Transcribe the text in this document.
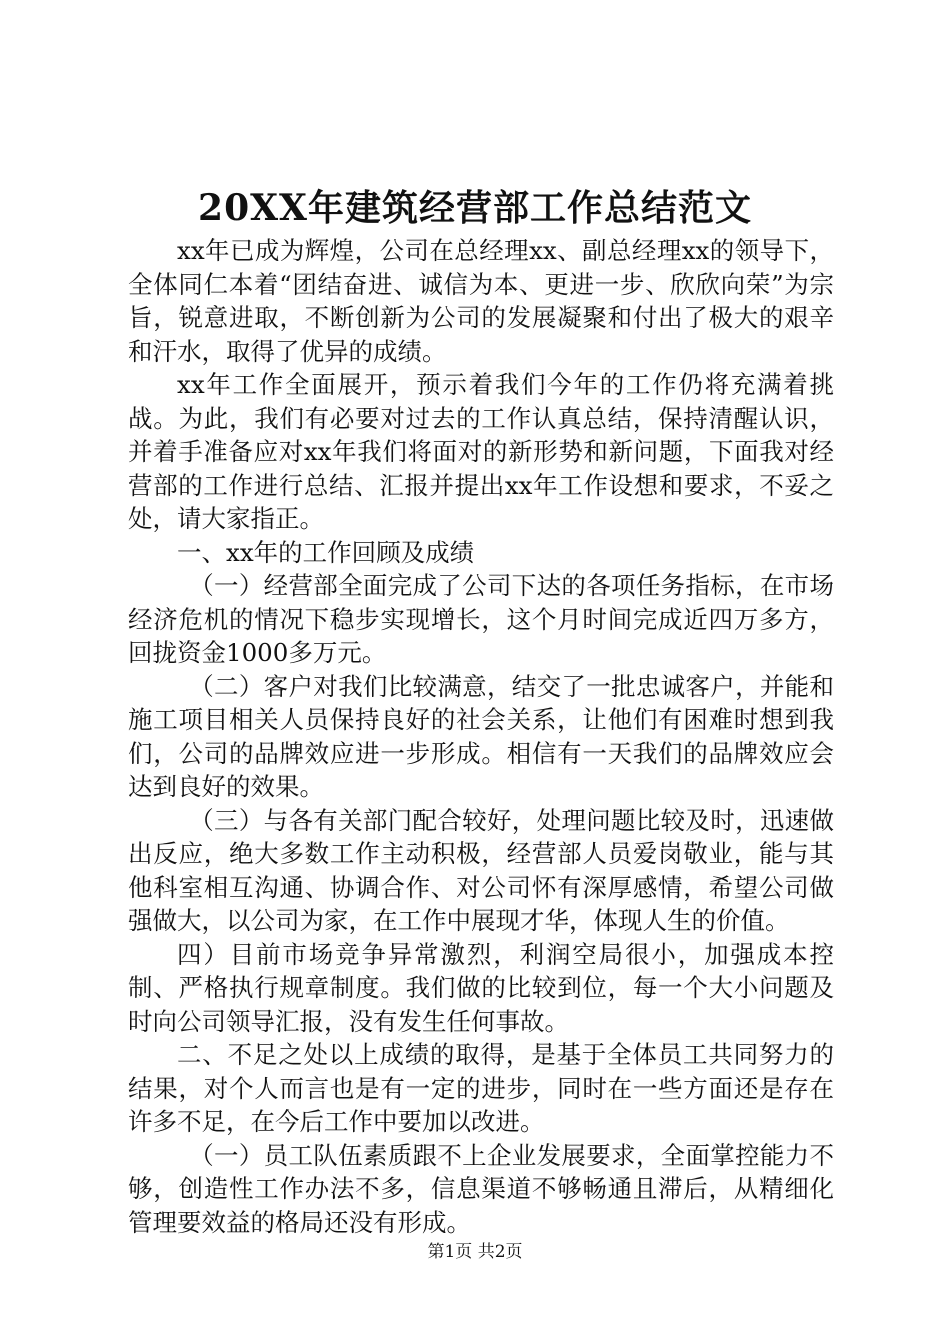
20XX年建筑经营部工作总结范文

xx年已成为辉煌，公司在总经理xx、副总经理xx的领导下，全体同仁本着“团结奋进、诚信为本、更进一步、欣欣向荣”为宗旨，锐意进取，不断创新为公司的发展凝聚和付出了极大的艰辛和汗水，取得了优异的成绩。

xx年工作全面展开，预示着我们今年的工作仍将充满着挑战。为此，我们有必要对过去的工作认真总结，保持清醒认识，并着手准备应对xx年我们将面对的新形势和新问题，下面我对经营部的工作进行总结、汇报并提出xx年工作设想和要求，不妥之处，请大家指正。

一、xx年的工作回顾及成绩

（一）经营部全面完成了公司下达的各项任务指标，在市场经济危机的情况下稳步实现增长，这个月时间完成近四万多方，回拢资金1000多万元。

（二）客户对我们比较满意，结交了一批忠诚客户，并能和施工项目相关人员保持良好的社会关系，让他们有困难时想到我们，公司的品牌效应进一步形成。相信有一天我们的品牌效应会达到良好的效果。

（三）与各有关部门配合较好，处理问题比较及时，迅速做出反应，绝大多数工作主动积极，经营部人员爱岗敬业，能与其他科室相互沟通、协调合作、对公司怀有深厚感情，希望公司做强做大，以公司为家，在工作中展现才华，体现人生的价值。

四）目前市场竞争异常激烈，利润空局很小，加强成本控制、严格执行规章制度。我们做的比较到位，每一个大小问题及时向公司领导汇报，没有发生任何事故。

二、不足之处以上成绩的取得，是基于全体员工共同努力的结果，对个人而言也是有一定的进步，同时在一些方面还是存在许多不足，在今后工作中要加以改进。

（一）员工队伍素质跟不上企业发展要求，全面掌控能力不够，创造性工作办法不多，信息渠道不够畅通且滞后，从精细化管理要效益的格局还没有形成。

第1页 共2页
